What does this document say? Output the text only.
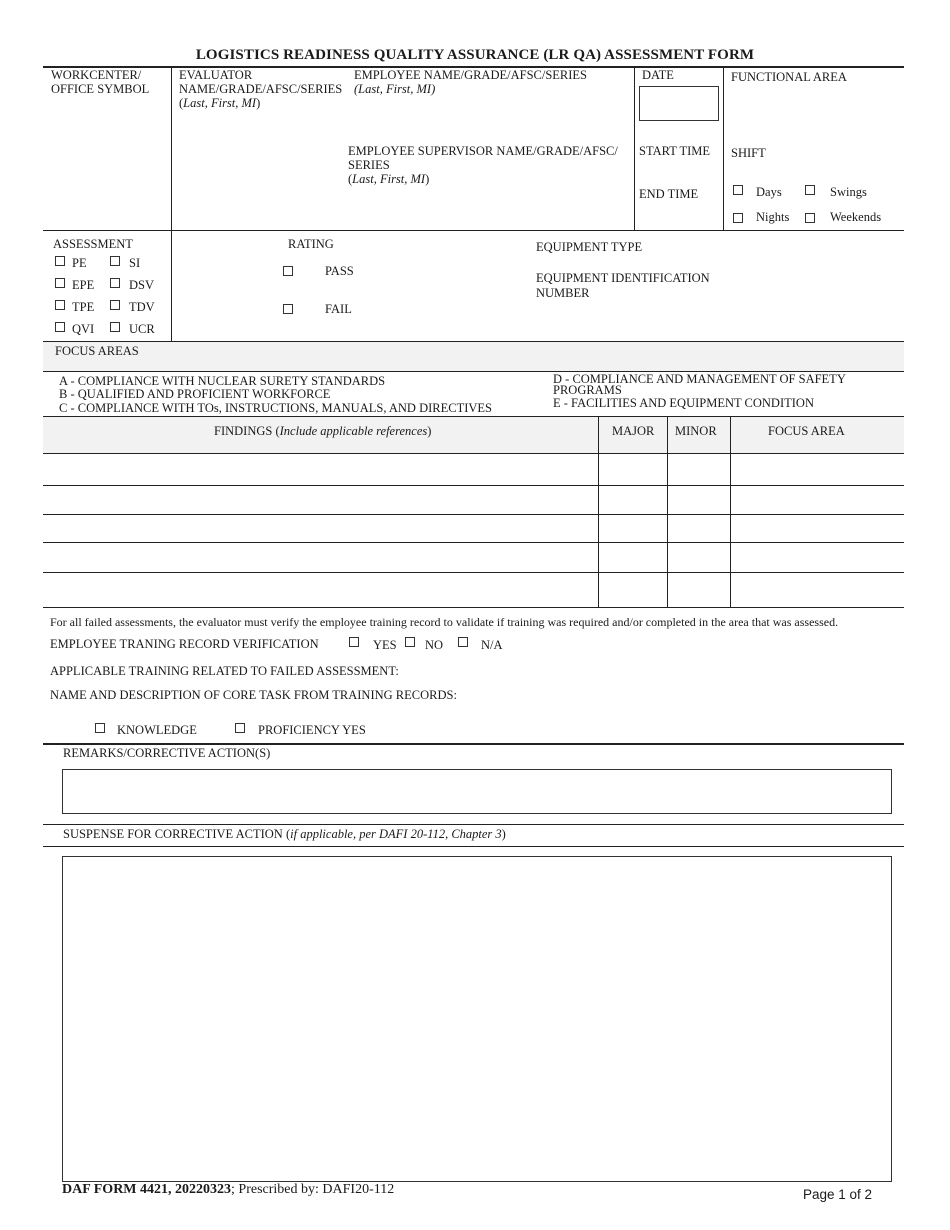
LOGISTICS READINESS QUALITY ASSURANCE (LR QA) ASSESSMENT FORM
WORKCENTER/
OFFICE SYMBOL
EVALUATOR
NAME/GRADE/AFSC/SERIES
(Last, First, MI)
EMPLOYEE NAME/GRADE/AFSC/SERIES
(Last, First, MI)
EMPLOYEE SUPERVISOR NAME/GRADE/AFSC/
SERIES
(Last, First, MI)
DATE
START TIME
END TIME
FUNCTIONAL AREA
SHIFT
Days	Swings
Nights	Weekends
ASSESSMENT
PE	SI
EPE	DSV
TPE	TDV
QVI	UCR
RATING
PASS
FAIL
EQUIPMENT TYPE
EQUIPMENT IDENTIFICATION
NUMBER
FOCUS AREAS
A - COMPLIANCE WITH NUCLEAR SURETY STANDARDS
B - QUALIFIED AND PROFICIENT WORKFORCE
C - COMPLIANCE WITH TOs, INSTRUCTIONS, MANUALS, AND DIRECTIVES
D - COMPLIANCE AND MANAGEMENT OF SAFETY
PROGRAMS
E - FACILITIES AND EQUIPMENT CONDITION
FINDINGS (Include applicable references)	MAJOR MINOR	FOCUS AREA
For all failed assessments, the evaluator must verify the employee training record to validate if training was required and/or completed in the area that was assessed.
EMPLOYEE TRANING RECORD VERIFICATION	YES NO	N/A
APPLICABLE TRAINING RELATED TO FAILED ASSESSMENT:
NAME AND DESCRIPTION OF CORE TASK FROM TRAINING RECORDS:
KNOWLEDGE	PROFICIENCY YES
REMARKS/CORRECTIVE ACTION(S)
SUSPENSE FOR CORRECTIVE ACTION (if applicable, per DAFI 20-112, Chapter 3)
DAF FORM 4421, 20220323; Prescribed by: DAFI20-112	Page 1 of 2
